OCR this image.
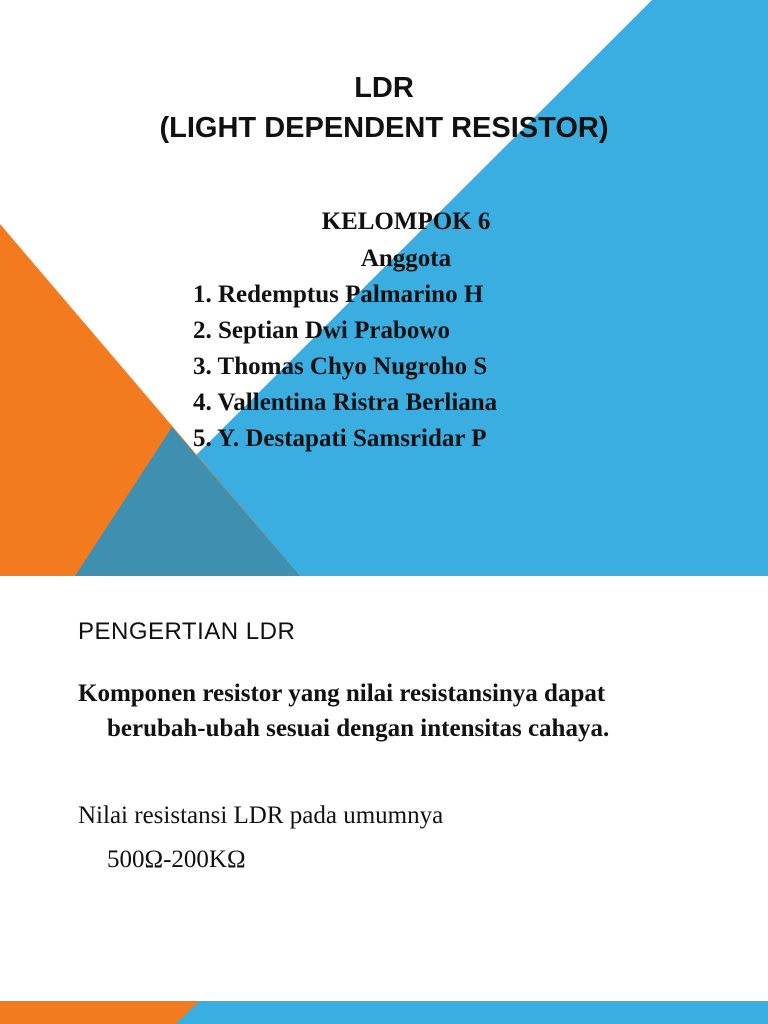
LDR
(LIGHT DEPENDENT RESISTOR)
KELOMPOK 6
Anggota
1. Redemptus Palmarino H
2. Septian Dwi Prabowo
3. Thomas Chyo Nugroho S
4. Vallentina Ristra Berliana
5. Y. Destapati Samsridar P
PENGERTIAN LDR
Komponen resistor yang nilai resistansinya dapat
berubah-ubah sesuai dengan intensitas cahaya.
Nilai resistansi LDR pada umumnya
500Ω-200KΩ
